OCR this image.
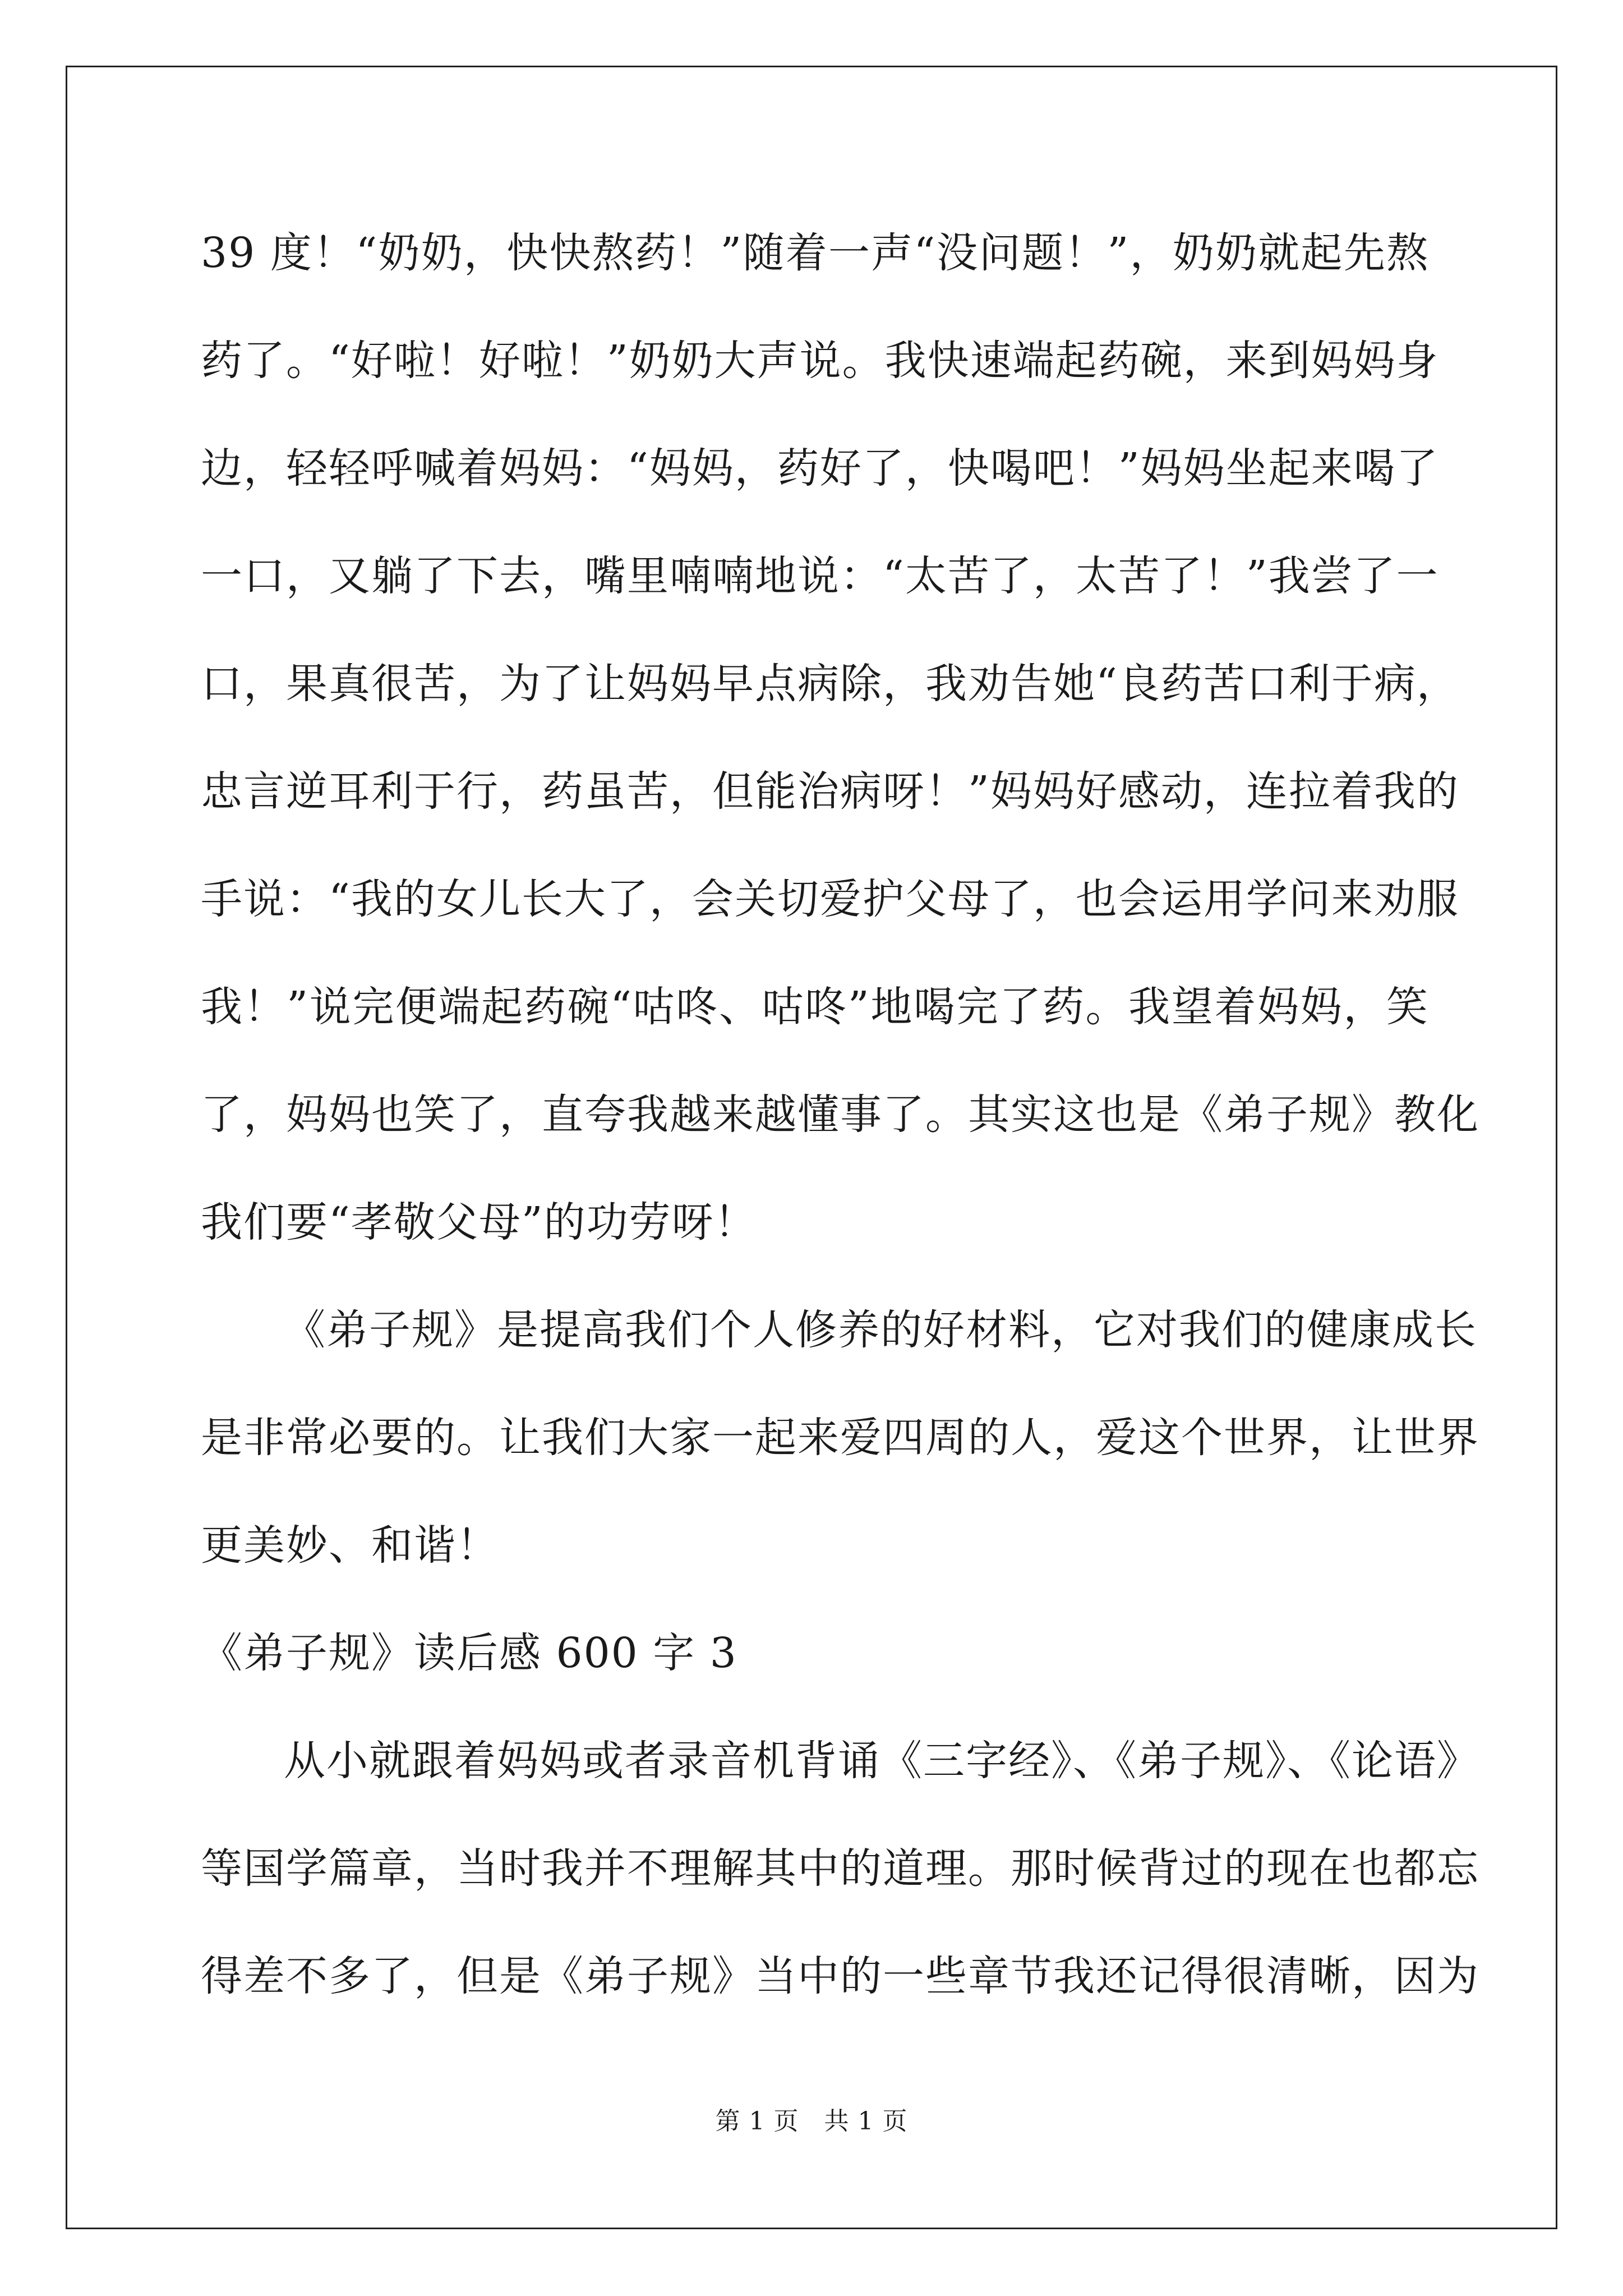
39 度！“奶奶，快快熬药！”随着一声“没问题！”，奶奶就起先熬
药了。“好啦！好啦！”奶奶大声说。我快速端起药碗，来到妈妈身
边，轻轻呼喊着妈妈：“妈妈，药好了，快喝吧！”妈妈坐起来喝了
一口，又躺了下去，嘴里喃喃地说：“太苦了，太苦了！”我尝了一
口，果真很苦，为了让妈妈早点病除，我劝告她“良药苦口利于病，
忠言逆耳利于行，药虽苦，但能治病呀！”妈妈好感动，连拉着我的
手说：“我的女儿长大了，会关切爱护父母了，也会运用学问来劝服
我！”说完便端起药碗“咕咚、咕咚”地喝完了药。我望着妈妈，笑
了，妈妈也笑了，直夸我越来越懂事了。其实这也是《弟子规》教化
我们要“孝敬父母”的功劳呀！
《弟子规》是提高我们个人修养的好材料，它对我们的健康成长
是非常必要的。让我们大家一起来爱四周的人，爱这个世界，让世界
更美妙、和谐！
《弟子规》读后感 600 字 3
从小就跟着妈妈或者录音机背诵《三字经》、《弟子规》、《论语》
等国学篇章，当时我并不理解其中的道理。那时候背过的现在也都忘
得差不多了，但是《弟子规》当中的一些章节我还记得很清晰，因为
第 1 页　共 1 页
